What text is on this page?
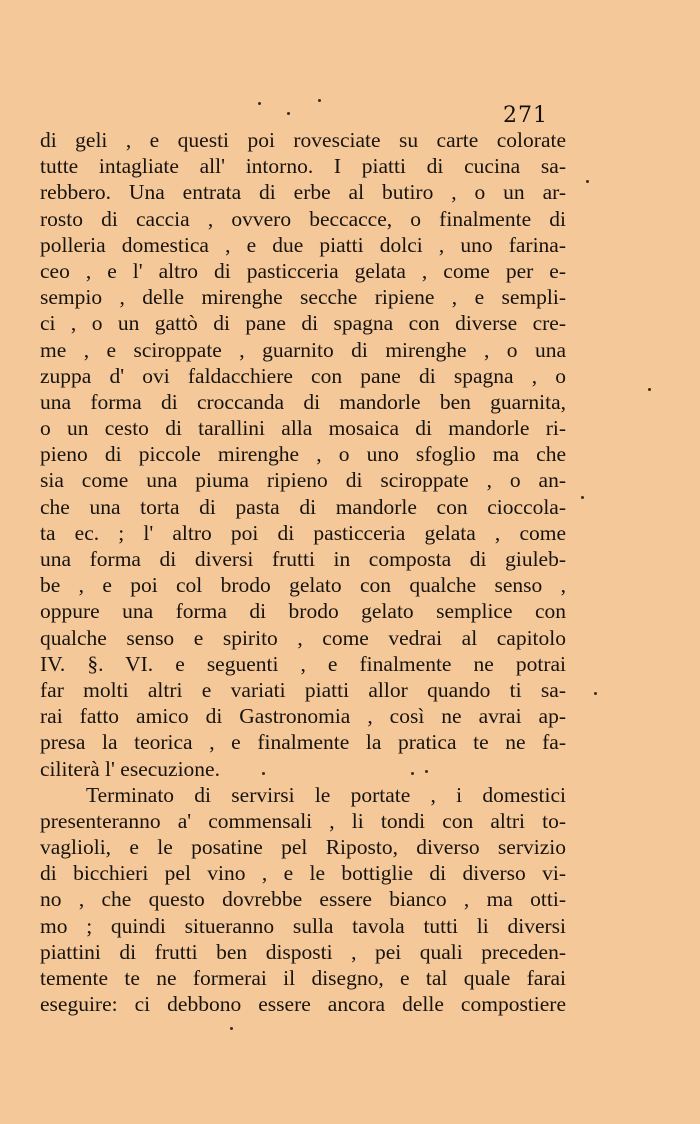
271
di geli , e questi poi rovesciate su carte colorate
tutte intagliate all' intorno. I piatti di cucina sa-
rebbero. Una entrata di erbe al butiro , o un ar-
rosto di caccia , ovvero beccacce, o finalmente di
polleria domestica , e due piatti dolci , uno farina-
ceo , e l' altro di pasticceria gelata , come per e-
sempio , delle mirenghe secche ripiene , e sempli-
ci , o un gattò di pane di spagna con diverse cre-
me , e sciroppate , guarnito di mirenghe , o una
zuppa d' ovi faldacchiere con pane di spagna , o
una forma di croccanda di mandorle ben guarnita,
o un cesto di tarallini alla mosaica di mandorle ri-
pieno di piccole mirenghe , o uno sfoglio ma che
sia come una piuma ripieno di sciroppate , o an-
che una torta di pasta di mandorle con cioccola-
ta ec. ; l' altro poi di pasticceria gelata , come
una forma di diversi frutti in composta di giuleb-
be , e poi col brodo gelato con qualche senso ,
oppure una forma di brodo gelato semplice con
qualche senso e spirito , come vedrai al capitolo
IV. §. VI. e seguenti , e finalmente ne potrai
far molti altri e variati piatti allor quando ti sa-
rai fatto amico di Gastronomia , così ne avrai ap-
presa la teorica , e finalmente la pratica te ne fa-
ciliterà l' esecuzione.
Terminato di servirsi le portate , i domestici
presenteranno a' commensali , li tondi con altri to-
vaglioli, e le posatine pel Riposto, diverso servizio
di bicchieri pel vino , e le bottiglie di diverso vi-
no , che questo dovrebbe essere bianco , ma otti-
mo ; quindi situeranno sulla tavola tutti li diversi
piattini di frutti ben disposti , pei quali preceden-
temente te ne formerai il disegno, e tal quale farai
eseguire: ci debbono essere ancora delle compostiere
